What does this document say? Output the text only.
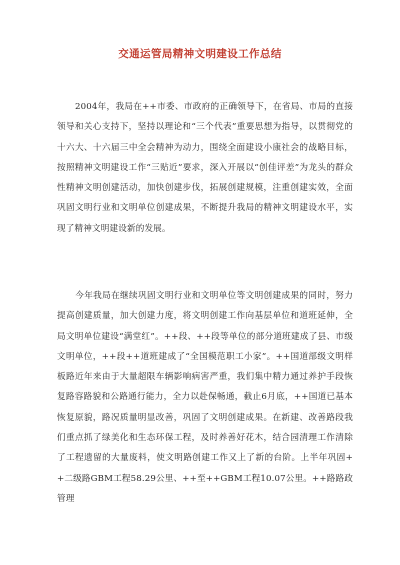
交通运管局精神文明建设工作总结
2004年，我局在++市委、市政府的正确领导下，在省局、市局的直接领导和关心支持下，坚持以理论和“三个代表”重要思想为指导，以贯彻党的十六大、十六届三中全会精神为动力，围绕全面建设小康社会的战略目标，按照精神文明建设工作“三贴近”要求，深入开展以“创佳评差”为龙头的群众性精神文明创建活动，加快创建步伐，拓展创建规模，注重创建实效，全面巩固文明行业和文明单位创建成果，不断提升我局的精神文明建设水平，实现了精神文明建设新的发展。
今年我局在继续巩固文明行业和文明单位等文明创建成果的同时，努力提高创建质量，加大创建力度，将文明创建工作向基层单位和道班延伸，全局文明单位建设“满堂红”。++段、++段等单位的部分道班建成了县、市级文明单位，++段++道班建成了“全国模范职工小家”。++国道部级文明样板路近年来由于大量超限车辆影响病害严重，我们集中精力通过养护手段恢复路容路貌和公路通行能力，全力以赴保畅通，截止6月底，++国道已基本恢复原貌，路况质量明显改善，巩固了文明创建成果。在新建、改善路段我们重点抓了绿美化和生态环保工程，及时养善好花木，结合园清理工作清除了工程遗留的大量废料，使文明路创建工作又上了新的台阶。上半年巩固++二级路GBM工程58.29公里、++至++GBM工程10.07公里。++路路政管理
